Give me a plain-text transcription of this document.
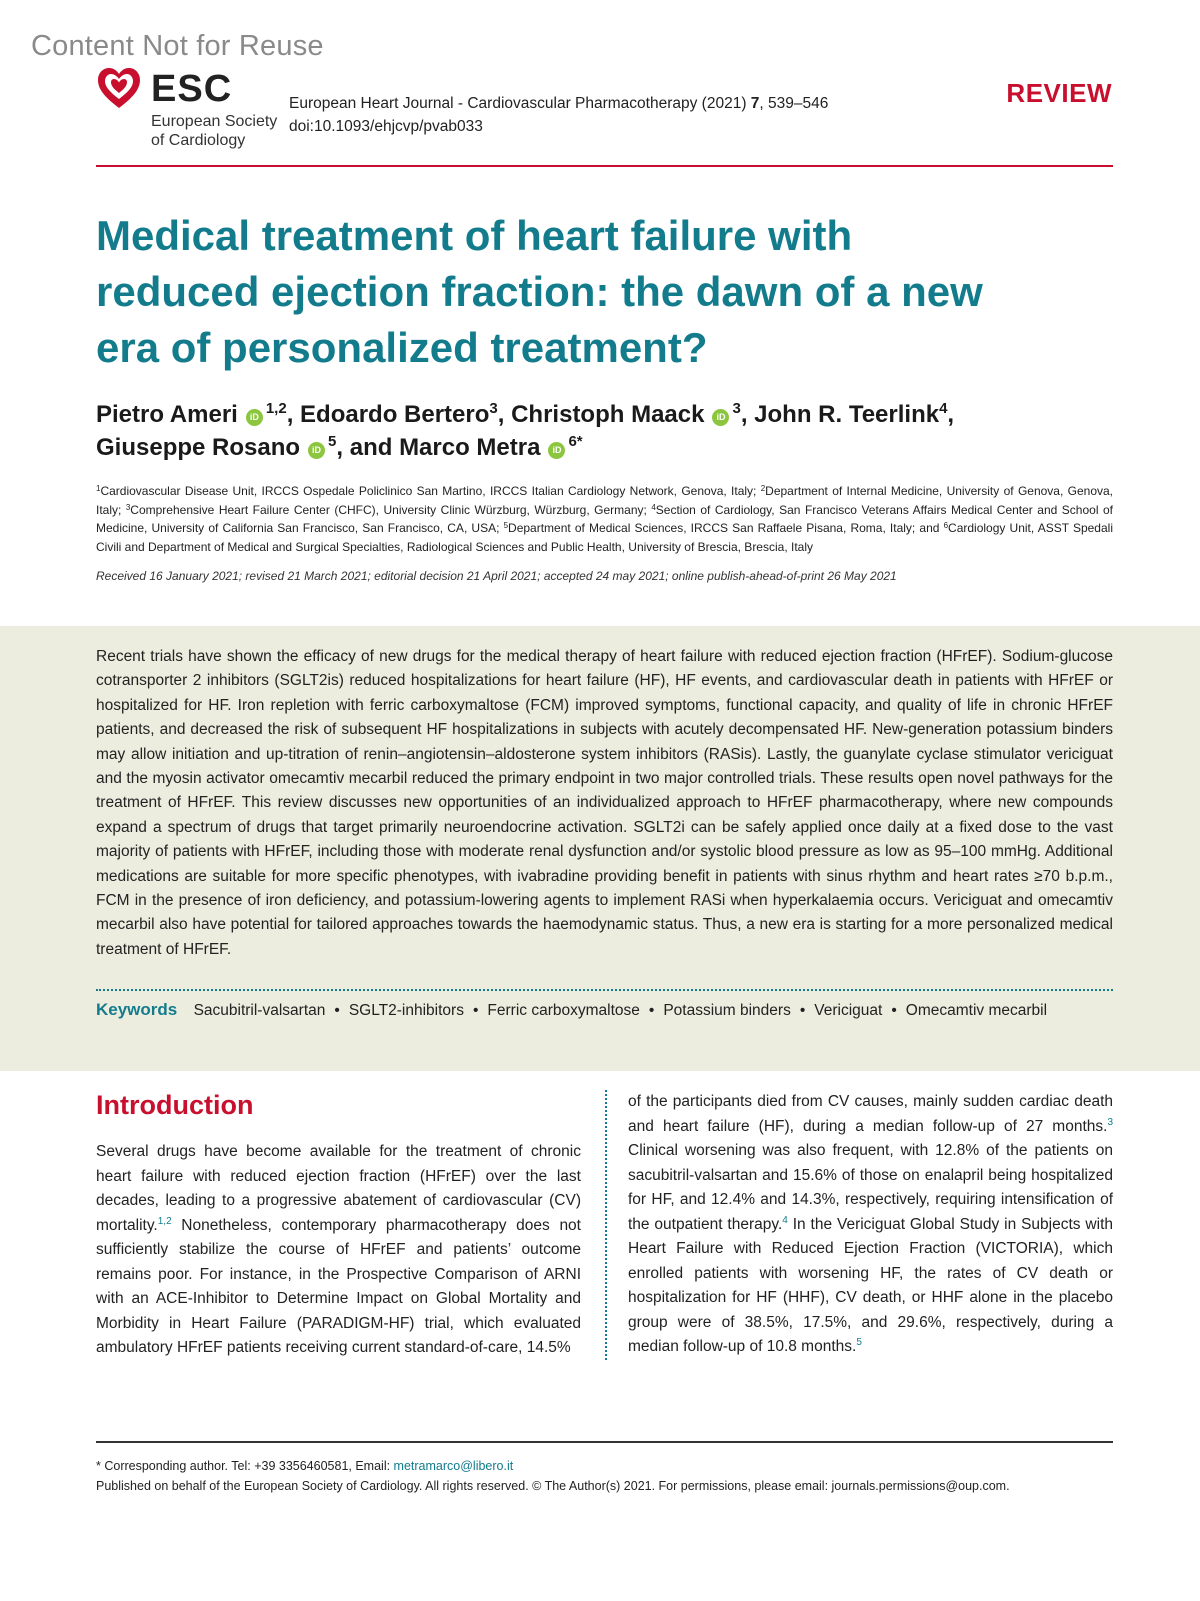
Content Not for Reuse
ESC
European Society
of Cardiology
European Heart Journal - Cardiovascular Pharmacotherapy (2021) 7, 539–546
doi:10.1093/ehjcvp/pvab033
REVIEW
Medical treatment of heart failure with reduced ejection fraction: the dawn of a new era of personalized treatment?
Pietro Ameri iD $^{1,2}$, Edoardo Bertero$^3$, Christoph Maack iD $^3$, John R. Teerlink$^4$,
Giuseppe Rosano iD $^5$, and Marco Metra iD $^{6*}$
$^1$Cardiovascular Disease Unit, IRCCS Ospedale Policlinico San Martino, IRCCS Italian Cardiology Network, Genova, Italy; $^2$Department of Internal Medicine, University of Genova, Genova, Italy; $^3$Comprehensive Heart Failure Center (CHFC), University Clinic Würzburg, Würzburg, Germany; $^4$Section of Cardiology, San Francisco Veterans Affairs Medical Center and School of Medicine, University of California San Francisco, San Francisco, CA, USA; $^5$Department of Medical Sciences, IRCCS San Raffaele Pisana, Roma, Italy; and $^6$Cardiology Unit, ASST Spedali Civili and Department of Medical and Surgical Specialties, Radiological Sciences and Public Health, University of Brescia, Brescia, Italy
Received 16 January 2021; revised 21 March 2021; editorial decision 21 April 2021; accepted 24 may 2021; online publish-ahead-of-print 26 May 2021
Recent trials have shown the efficacy of new drugs for the medical therapy of heart failure with reduced ejection fraction (HFrEF). Sodium-glucose cotransporter 2 inhibitors (SGLT2is) reduced hospitalizations for heart failure (HF), HF events, and cardiovascular death in patients with HFrEF or hospitalized for HF. Iron repletion with ferric carboxymaltose (FCM) improved symptoms, functional capacity, and quality of life in chronic HFrEF patients, and decreased the risk of subsequent HF hospitalizations in subjects with acutely decompensated HF. New-generation potassium binders may allow initiation and up-titration of renin–angiotensin–aldosterone system inhibitors (RASis). Lastly, the guanylate cyclase stimulator vericiguat and the myosin activator omecamtiv mecarbil reduced the primary endpoint in two major controlled trials. These results open novel pathways for the treatment of HFrEF. This review discusses new opportunities of an individualized approach to HFrEF pharmacotherapy, where new compounds expand a spectrum of drugs that target primarily neuroendocrine activation. SGLT2i can be safely applied once daily at a fixed dose to the vast majority of patients with HFrEF, including those with moderate renal dysfunction and/or systolic blood pressure as low as 95–100 mmHg. Additional medications are suitable for more specific phenotypes, with ivabradine providing benefit in patients with sinus rhythm and heart rates ≥70 b.p.m., FCM in the presence of iron deficiency, and potassium-lowering agents to implement RASi when hyperkalaemia occurs. Vericiguat and omecamtiv mecarbil also have potential for tailored approaches towards the haemodynamic status. Thus, a new era is starting for a more personalized medical treatment of HFrEF.
Keywords Sacubitril-valsartan • SGLT2-inhibitors • Ferric carboxymaltose • Potassium binders • Vericiguat • Omecamtiv mecarbil
Introduction
Several drugs have become available for the treatment of chronic heart failure with reduced ejection fraction (HFrEF) over the last decades, leading to a progressive abatement of cardiovascular (CV) mortality.$^{1,2}$ Nonetheless, contemporary pharmacotherapy does not sufficiently stabilize the course of HFrEF and patients’ outcome remains poor. For instance, in the Prospective Comparison of ARNI with an ACE-Inhibitor to Determine Impact on Global Mortality and Morbidity in Heart Failure (PARADIGM-HF) trial, which evaluated ambulatory HFrEF patients receiving current standard-of-care, 14.5%
of the participants died from CV causes, mainly sudden cardiac death and heart failure (HF), during a median follow-up of 27 months.$^3$ Clinical worsening was also frequent, with 12.8% of the patients on sacubitril-valsartan and 15.6% of those on enalapril being hospitalized for HF, and 12.4% and 14.3%, respectively, requiring intensification of the outpatient therapy.$^4$ In the Vericiguat Global Study in Subjects with Heart Failure with Reduced Ejection Fraction (VICTORIA), which enrolled patients with worsening HF, the rates of CV death or hospitalization for HF (HHF), CV death, or HHF alone in the placebo group were of 38.5%, 17.5%, and 29.6%, respectively, during a median follow-up of 10.8 months.$^5$
* Corresponding author. Tel: +39 3356460581, Email: metramarco@libero.it
Published on behalf of the European Society of Cardiology. All rights reserved. © The Author(s) 2021. For permissions, please email: journals.permissions@oup.com.
